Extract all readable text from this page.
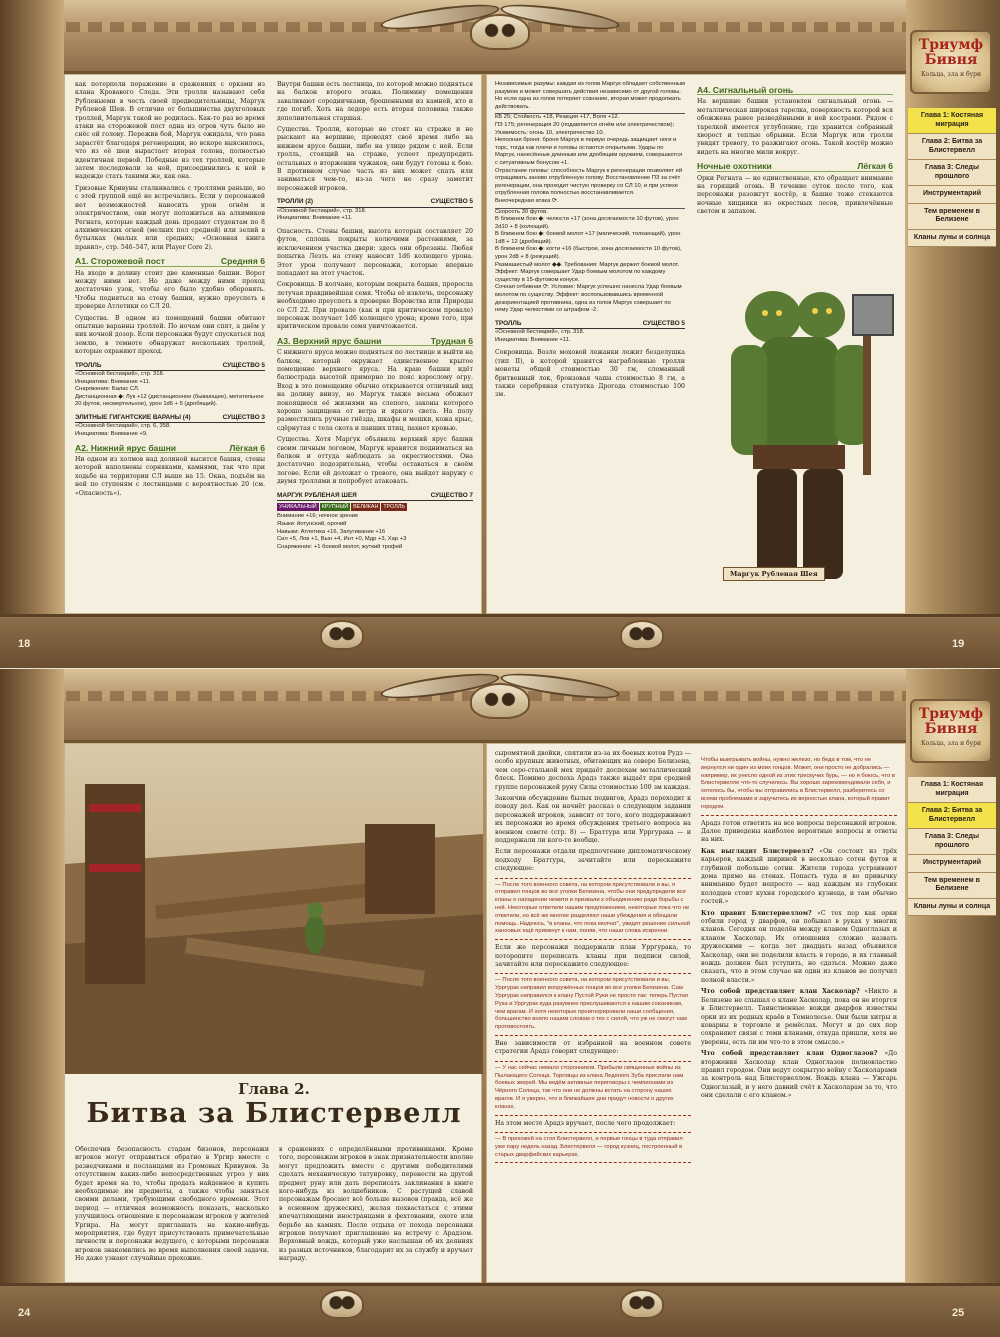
как потерпели поражение в сражениях с орками из клана Кровавого Следа. Эти тролли называют себя Рубленыеми в честь своей предводительницы, Маргук Рубленой Шеи. В отличие от большинства двухголовых троллей, Маргук такой не родилась. Как-то раз во время атаки на сторожевой пост одна из огров чуть было не снёс ей голову. Пережив бой, Маргук ожидала, что рана зарастёт благодаря регенерации, но вскоре выяснилось, что из её шеи вырастает вторая голова, полностью идентичная первой. Победные из тех троллей, которые затем последовали за ней, присоединились к ней в надежде стать такими же, как она.

Гризовые Кривуны сталкивались с троллями раньше, но с этой группой ещё не встречались. Если у персонажей нет возможностей наносить урон огнём и электричеством, они могут положиться на алхимиков Регната, которые каждый день продают студентам по 8 алхимических огней (мелких пол средней) или зелий в бутылках (малых или средних; «Основная книга правил», стр. 546–547, или Player Core 2).

А1. Сторожевой пост	Средняя 6

На входе в долину стоит две каменные башни. Ворот между ними нет. Но даже между ними проход достаточно узок, чтобы его было удобно оборонять. Чтобы подняться на стену башни, нужно преуспеть в проверке Атлетики со СЛ 20.

Существа. В одном из помещений башни обитают опытные варанны троллей. По ночам они спят, а днём у них ночной дозор. Если персонажи будут спускаться под землю, в темноте обнаружат нескольких троллей, которые охраняют проход.

ТРОЛЛЬ	СУЩЕСТВО 5
«Основной бестиарий», стр. 318.
Инициатива: Внимание +11.
Снаряжение: Балас СЛ.
Дистанционная ◆: Лук +12 (дистанционное (бывающее), метательное 20 футов, несмертельное), урон 1d6 + 5 (дробящий).
ЭЛИТНЫЕ ГИГАНТСКИЕ ВАРАНЫ (4)	СУЩЕСТВО 3
«Основной бестиарий», стр. 6, 358.
Инициатива: Внимание +9.
А2. Нижний ярус башни	Лёгкая 6

Ни одном из холмов над долиной высится башня, стены которой наполнены сорняками, камнями, так что при ходьбе на территории СЛ выше на 15. Окна, подъём на ней по ступеням с лестницами с вероятностью 20 (см. «Опасность»).

Внутри башни есть лестница, по которой можно подняться на балкон второго этажа. Полимину помещения заваливают сородничками, брошенными из камней, кто и где погиб. Хоть на ледоре есть вторая половина также дополнительная старшая.

Существа. Тролли, которые не стоят на страже и не рыскают на вершине, проводят своё время либо на нижнем ярусе башни, либо на улице рядом с ней. Если тролль, стоящий на страже, успеет предупредить остальных о вторжении чужаков, они будут готовы к бою. В противном случае часть из них может спать или заниматься чем-то, из-за чего не сразу заметит персонажей игроков.

ТРОЛЛИ (2)	СУЩЕСТВО 5
«Основной бестиарий», стр. 318.
Инициатива: Внимание +11.

Опасность. Стены башни, высота которых составляет 20 футов, сплошь покрыты колючими растениями, за исключением участка двери: здесь они обрезаны. Любая попытка Лезть на стену наносит 1d6 колющего урона. Этот урон получают персонажи, которые впервые попадают на этот участок.

Сокровища. В колчане, которым покрыта башня, проросла летучая правдивейшая семя. Чтобы её извлечь, персонажу необходимо преуспеть в проверке Воровства или Природы со СЛ 22. При провале (как и при критическом провале) персонаж получает 1d6 колющего урона; кроме того, при критическом провале семя уничтожается.

А3. Верхний ярус башни	Трудная 6

С нижнего яруса можно подняться по лестнице и выйти на балкон, который окружает единственное крытое помещение верхнего яруса. На краю башни идёт балюстрада высотой примерно по пояс взрослому огру. Вход в это помещение обычно открывается отличный вид на долину внизу, но Маргук также весьма обожает покоящиеся её жизнями на слепого, законы которого хорошо защищена от ветра и яркого света. На полу разместились ручные гнёзда, шкафы и мешки, кожа крыс, сдёрнутая с тела скота и павших птиц, пахнет кровью.

Существа. Хотя Маргук объявила верхний ярус башни своим личным логовом, Маргук нравится подниматься на балкон и оттуда наблюдать за окрестностями. Она достаточно подозрительна, чтобы оставаться в своём логове. Если ей доложат о тревоге, она выйдет наружу с двумя троллями и попробует атаковать.

МАРГУК РУБЛЕНАЯ ШЕЯ	СУЩЕСТВО 7
УНИКАЛЬНЫЙ КРУПНЫЙ ВЕЛИКАН ТРОЛЛЬ
Внимание +16; ночное зрение
Языки: йотунский, орочий
Навыки: Атлетика +16, Запугивание +16
Сил +5, Лов +1, Вын +4, Инт +0, Мдр +3, Хар +3
Снаряжение: +1 боевой молот, жуткий трофей
Независимые разумы: каждая из голов Маргук обладает собственным разумом и может совершать действия независимо от другой головы. Но если одна из голов потеряет сознание, вторая может продолжать действовать.
КБ 25; Стойкость +18, Реакция +17, Воля +12.
ПЗ 175; регенерация 20 (подавляется огнём или электричеством); Уязвимость: огонь 10, электричество 10.
Неполная броня: броня Маргук в первую очередь защищает ноги и торс, тогда как плечи и головы остаются открытыми. Удары по Маргук, нанесённые длинным или дробящим оружием, совершаются с ситуативным бонусом +1.
Отрастание головы: способность Маргук к регенерации позволяет ей отращивать заново отрубленную голову. Восстановление ПЗ за счёт регенерации, она проходит чистую проверку со СЛ 10, и при успехе отрубленная голова полностью восстанавливается.
Внеочередная атака ⟳.
Скорость 30 футов.
В ближнем бою ◆: челюсти +17 (зона досягаемости 10 футов), урон 2d10 + 8 (колющий).
В ближнем бою ◆: боевой молот +17 (магический, толкающий), урон 1d8 + 12 (дробящий).
В ближнем бою ◆: когти +16 (быстрое, зона досягаемости 10 футов), урон 2d8 + 8 (режущий).
Размашистый молот ◆◆. Требования: Маргук держит боевой молот. Эффект: Маргук совершает Удар боевым молотом по каждому существу в 15-футовом конусе.
Сочная отбивная ⟳. Условие: Маргук успешно нанесла Удар боевым молотом по существу. Эффект: воспользовавшись временной дезориентацией противника, одна из голов Маргук совершает по нему Удар челюстями со штрафом -2.
ТРОЛЛЬ	СУЩЕСТВО 5
«Основной бестиарий», стр. 318.
Инициатива: Внимание +11.

Сокровища. Возле моховой лежанки лежит безделушка (тип II), в которой хранятся награбленные тролли монеты общей стоимостью 30 гм, сломанный бритвенный лок, бронзовая чаша стоимостью 8 гм, а также серебряная статуэтка Дрогода стоимостью 100 зм.

А4. Сигнальный огонь

На вершине башни установлен сигнальный огонь — металлическая широкая тарелка, поверхность которой вся обожжена ранее разведёнными в ней кострами. Рядом с тарелкой имеется углубление, где хранится собранный хворост и теплые обрывки. Если Маргук или тролли увидят тревогу, то разжигают огонь. Такой костёр можно видеть на многие мили вокруг.

Ночные охотники	Лёгкая 6

Орки Регната — не единственные, кто обращает внимание на горящий огонь. В течение суток после того, как персонажи разожгут костёр, к башне тоже стекаются ночные хищники из окрестных лесов, привлечённые светом и запахом.

Маргук Рубленая Шея
18	19
Триумф
Бивня
Кольца, зла и бури
Глава 1: Костяная миграция
Глава 2: Битва за Блистервелл
Глава 3: Следы прошлого
Инструментарий
Тем временем в Белизене
Кланы луны и солнца
Глава 2.
Битва за Блистервелл

Обеспечив безопасность стадам бизонов, персонажи игроков могут отправиться обратно в Ургир вместе с разведчиками и посланцами из Громовых Кривунов. За отсутствием каких-либо непосредственных угроз у них будет время на то, чтобы продать найденное и купить необходимые им предметы, а также чтобы заняться своими делами, требующими свободного времени. Этот период — отличная возможность показать, насколько улучшилось отношение к персонажам игроков у жителей Ургира. На могут приглашать на какие-нибудь мероприятия, где будут присутствовать примечательные личности и персонажи ведущего, с которыми персонажи игроков знакомились во время выполнения своей задачи. Не даже узнают случайные прохожие.

в сражениях с определёнными противниками. Кроме того, персонажам игроков в знак признательности вполне могут предложить вместе с другими победителями сделать механическую татуировку, перенести на другой предмет руну или дать переписать заклинания в книге кого-нибудь из волшебников. С растущей славой персонажам бросают всё больше вызовов (правда, всё же в основном дружеских), желая похвастаться с этими впечатляющими иностранцами в фехтовании, охоте или борьбе на камнях. После отдыха от похода персонажи игроков получают приглашение на встречу с Арадзом. Верховный вождь, который уже наслышан об их деяниях из разных источников, благодарит их за службу и вручает награду.

сыромятной двойки, спятили из-за их боевых котов Рудз — особо крупных животных, обитающих на севере Белизена, чем серо-стальной мех придаёт доспехам металлический блеск. Помимо доспеха Арадз также выдаёт при средней группе персонажей руну Силы стоимостью 100 зм каждая.

Закончив обсуждение былых подвигов, Арадз переходит к поводу дел. Как он начнёт рассказ о следующем задании персонажей игроков, зависит от того, кого поддерживают их персонажи во время обсуждения третьего вопроса на военном совете (стр. 8) — Браттура или Урргурака — и поддержали ли кого-то вообще.

Если персонажи отдали предпочтение дипломатическому подходу Браттура, зачитайте или перескажите следующее:

— После того военного совета, на котором присутствовали и вы, я отправил гонцов во все уголки Белизена, чтобы они предупредили все кланы о нападении нежити и призвали к объединению ради борьбы с ней. Некоторые ответили нашим предложением, некоторые пока что не ответили, но всё же многие разделяют наши убеждения и обещали помощь. Надеюсь, "в кланы, что пока молчат", увидят решение сильной ханоовых ещё примкнут к нам, поняв, что наши слова искренни.

Если же персонажи поддержали план Урргурака, то поторопите переписать кланы при подписи силой, зачитайте или перескажите следующее:

— После того военного совета, на котором присутствовали и вы, Урргурак направил вооружённых гонцов во все уголки Белизена. Сам Урргурак направился к клану Пустой Руки не просто так: теперь Пустая Рука и Урргурак куда разумнее прислушиваются к нашим союзникам, чем врагам. И хотя некоторые проигнорировали наши сообщения, большинство вняло нашим словам о тех с силой, что уж не смогут нам противостоять.

Вне зависимости от избранной на военном совете стратегии Арадз говорит следующее:

— У нас сейчас немало сторонников. Прибыли священные войны из Пылающего Солнца. Торговцы из клана Ледяного Зуба прислали нам боевых зверей. Мы ведём активные переговоры с чемпионами из Чёрного Солнца, так что они не должны встать на сторону наших врагов. И я уверен, что в ближайшие дни придут новости о других кланах.

На этом месте Арадз вручает, после чего продолжает:

— В прихожей на стол Блистервелл, и первые гонцы в туда отправил уже пару недель назад. Блистервелл — город кузниц, построенный в старых дварфийских карьерах.
Чтобы выигрывать войны, нужно железо, но беда в том, что не вернулся ни один из моих гонцов. Может, они просто не добрались — например, их унесло одной из этих трескучих бурь, — но я боюсь, что в Блистервелле что-то случилось. Вы хорошо зарекомендовали себя, и хотелось бы, чтобы вы отправились в Блистервелл, разберитесь со всеми проблемами и заручитесь их верностью клана, который правит городом.

Арадз готов ответить на все вопросы персонажей игроков. Далее приведены наиболее вероятные вопросы и ответы на них.

Как выглядит Блистервелл? «Он состоит из трёх карьеров, каждый шириной в несколько сотен футов и глубиной побольше сотни. Жители города устраивают дома прямо на стенах. Попасть туда и во привычку вниманию будет непросто — над каждым из глубоких колодцев стоит кухня городского кузнеца, и там обычно гостей.»

Кто правит Блистервеллом? «С тех пор как орки отбили город у дварфов, он побывал в руках у многих кланов. Сегодня он поделён между кланом Одноглазых и кланом Хасколар. Их отношения сложно назвать дружескими — когда лет двадцать назад объявился Хасколар, они не поделили власть в городе, и их главный вождь должен был уступить, но сдаться. Можно даже сказать, что в этом случае ни один из кланов не получил полной власти.»

Что собой представляет клан Хасколар? «Никто в Белизене не слышал о клане Хасколар, пока он не вторгся в Блистервелл. Таинственные вожди дварфов известны орки из их родных краёв в Темнолесье. Они были хитры и коварны в торговле и ремёслах. Могут и до сих пор сохраняют связи с теми кланами, откуда пришли, хотя не уверены, есть ли им что-то в этом смысле.»

Что собой представляет клан Одноглазов? «До вторжения Хасколар клан Одноглазов полновластно правил городом. Они ведут сокрытую войну с Хасколарами за контроль над Блистервеллом. Вождь клана — Ужгарь Одноглазый, и у него давний счёт к Хасколарам за то, что они сделали с его кланом.»

24	25
Триумф
Бивня
Кольца, зла и бури
Глава 1: Костяная миграция
Глава 2: Битва за Блистервелл
Глава 3: Следы прошлого
Инструментарий
Тем временем в Белизене
Кланы луны и солнца
